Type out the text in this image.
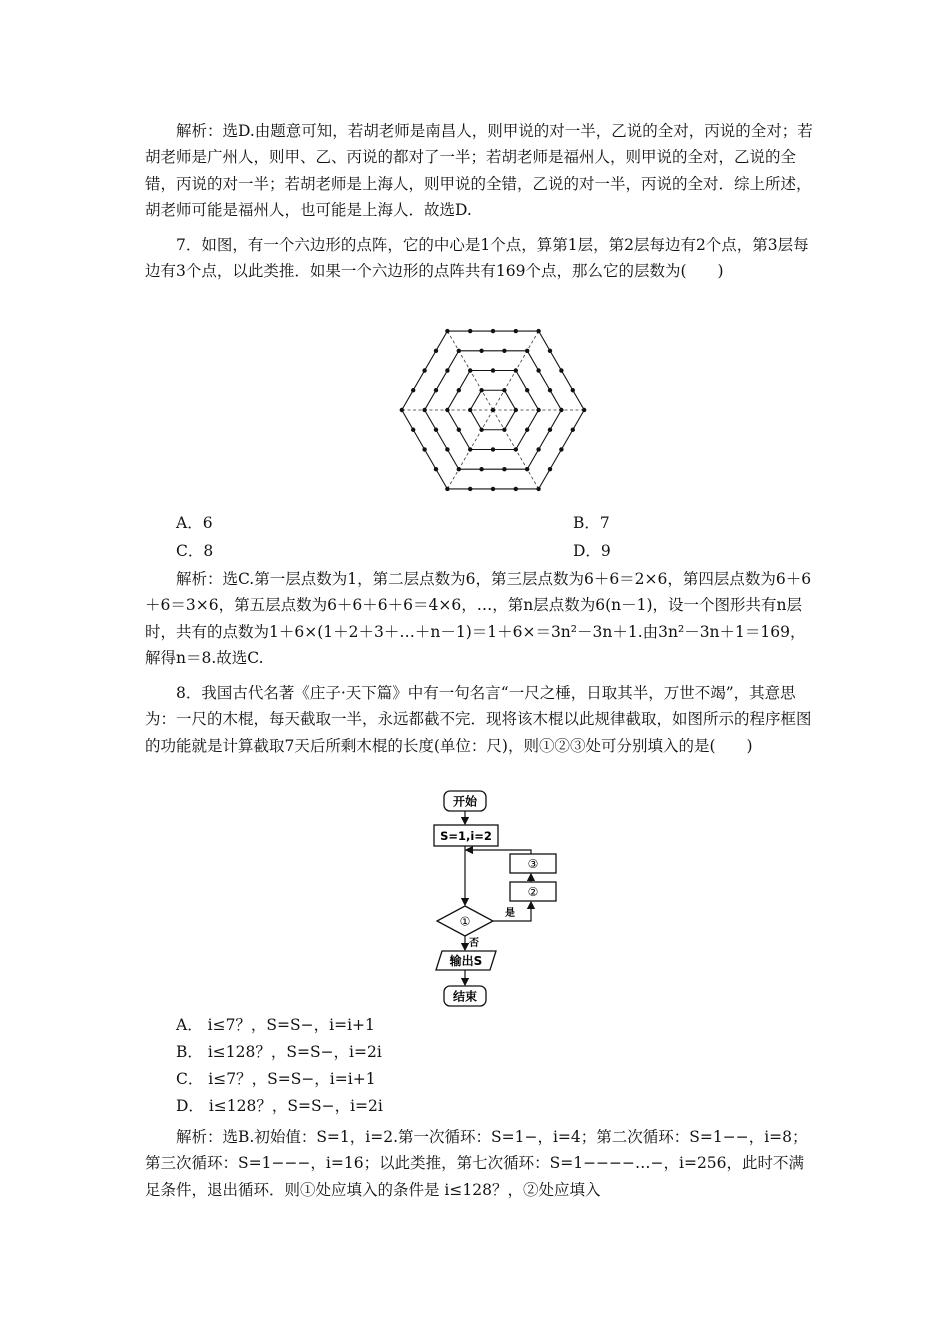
解析：选D.由题意可知，若胡老师是南昌人，则甲说的对一半，乙说的全对，丙说的全对；若胡老师是广州人，则甲、乙、丙说的都对了一半；若胡老师是福州人，则甲说的全对，乙说的全错，丙说的对一半；若胡老师是上海人，则甲说的全错，乙说的对一半，丙说的全对．综上所述，胡老师可能是福州人，也可能是上海人．故选D.

7．如图，有一个六边形的点阵，它的中心是1个点，算第1层，第2层每边有2个点，第3层每边有3个点，以此类推．如果一个六边形的点阵共有169个点，那么它的层数为(　　)

A．6	B．7
C．8	D．9

解析：选C.第一层点数为1，第二层点数为6，第三层点数为6＋6＝2×6，第四层点数为6＋6＋6＝3×6，第五层点数为6＋6＋6＋6＝4×6，…，第n层点数为6(n－1)，设一个图形共有n层时，共有的点数为1＋6×(1＋2＋3＋…＋n－1)＝1＋6×＝3n²－3n＋1.由3n²－3n＋1＝169，解得n＝8.故选C.

8．我国古代名著《庄子·天下篇》中有一句名言“一尺之棰，日取其半，万世不竭”，其意思为：一尺的木棍，每天截取一半，永远都截不完．现将该木棍以此规律截取，如图所示的程序框图的功能就是计算截取7天后所剩木棍的长度(单位：尺)，则①②③处可分别填入的是(　　)

开始
S=1,i=2
①
是
②
③
否
输出S
结束
A． i≤7？，S=S−，i=i+1
B． i≤128？，S=S−，i=2i
C． i≤7？，S=S−，i=i+1
D． i≤128？，S=S−，i=2i

解析：选B.初始值：S=1，i=2.第一次循环：S=1−，i=4；第二次循环：S=1−−，i=8；第三次循环：S=1−−−，i=16；以此类推，第七次循环：S=1−−−−…−，i=256，此时不满足条件，退出循环．则①处应填入的条件是 i≤128？，②处应填入
